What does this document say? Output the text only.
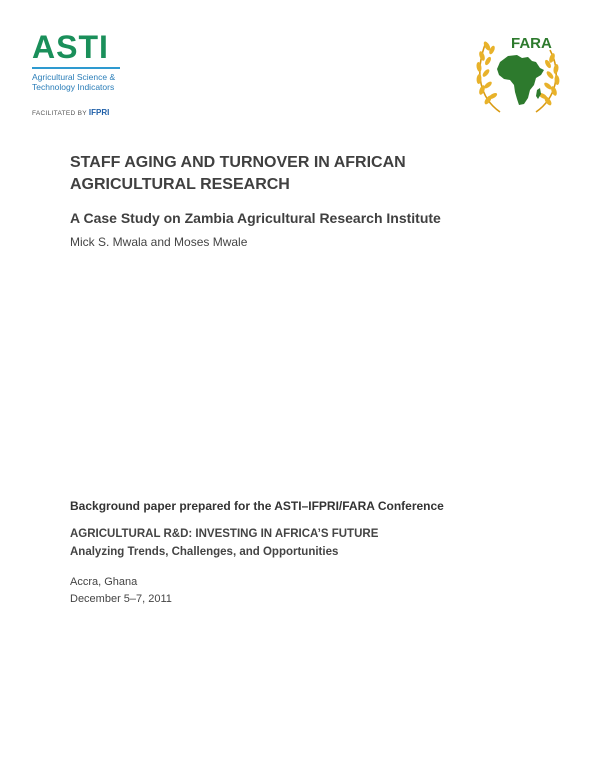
ASTI
Agricultural Science &
Technology Indicators
FACILITATED BY IFPRI
FARA
STAFF AGING AND TURNOVER IN AFRICAN
AGRICULTURAL RESEARCH

A Case Study on Zambia Agricultural Research Institute

Mick S. Mwala and Moses Mwale

Background paper prepared for the ASTI–IFPRI/FARA Conference

AGRICULTURAL R&D: INVESTING IN AFRICA’S FUTURE

Analyzing Trends, Challenges, and Opportunities

Accra, Ghana

December 5–7, 2011
